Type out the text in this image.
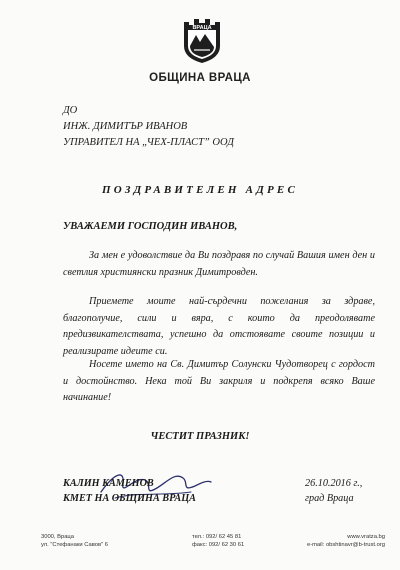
ВРАЦА
ОБЩИНА ВРАЦА
ДО
ИНЖ. ДИМИТЪР ИВАНОВ
УПРАВИТЕЛ НА „ЧЕХ-ПЛАСТ” ООД
ПОЗДРАВИТЕЛЕН АДРЕС
УВАЖАЕМИ ГОСПОДИН ИВАНОВ,
За мен е удоволствие да Ви поздравя по случай Вашия имен ден и светлия християнски празник Димитровден.
Приемете моите най-сърдечни пожелания за здраве, благополучие, сили и вяра, с които да преодолявате предизвикателствата, успешно да отстоявате своите позиции и реализирате идеите си.
Носете името на Св. Димитър Солунски Чудотворец с гордост и достойнство. Нека той Ви закриля и подкрепя всяко Ваше начинание!
ЧЕСТИТ ПРАЗНИК!
КАЛИН КАМЕНОВ
КМЕТ НА ОБЩИНА ВРАЦА
26.10.2016 г.,
град Враца
3000, Враца
ул. "Стефанаки Савов" 6
тел.: 092/ 62 45 81
факс: 092/ 62 30 61
www.vratza.bg
e-mail: obshtinavr@b-trust.org
